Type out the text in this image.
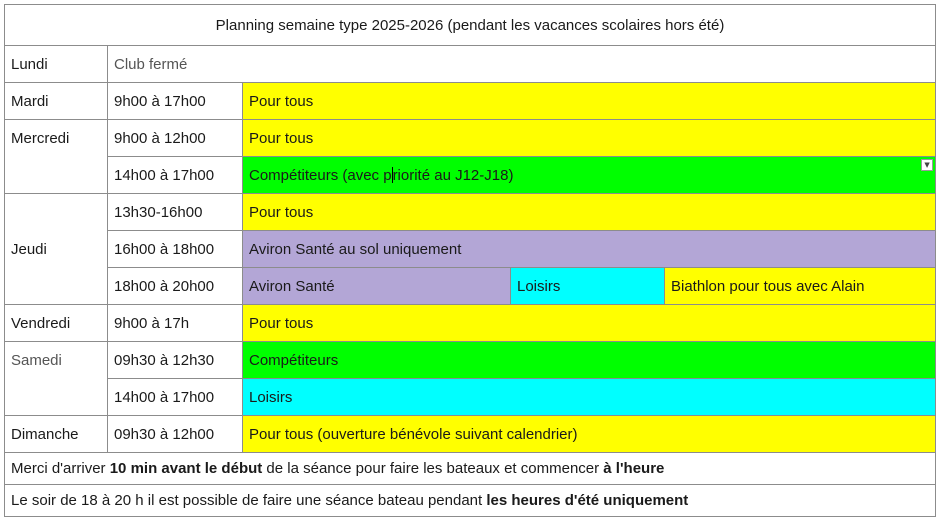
Planning semaine type 2025-2026 (pendant les vacances scolaires hors été)				
Lundi	Club fermé			
Mardi	9h00 à 17h00	Pour tous		
Mercredi	9h00 à 12h00	Pour tous		
	14h00 à 17h00	Compétiteurs (avec priorité au J12-J18)
▼		

Jeudi	13h30-16h00	Pour tous		
	16h00 à 18h00	Aviron Santé au sol uniquement		
	18h00 à 20h00	Aviron Santé	Loisirs	Biathlon pour tous avec Alain
Vendredi	9h00 à 17h	Pour tous		
Samedi	09h30 à 12h30	Compétiteurs		
	14h00 à 17h00	Loisirs		
Dimanche	09h30 à 12h00	Pour tous (ouverture bénévole suivant calendrier)		
Merci d'arriver 10 min avant le début de la séance pour faire les bateaux et commencer à l'heure				
Le soir de 18 à 20 h il est possible de faire une séance bateau pendant les heures d'été uniquement				
